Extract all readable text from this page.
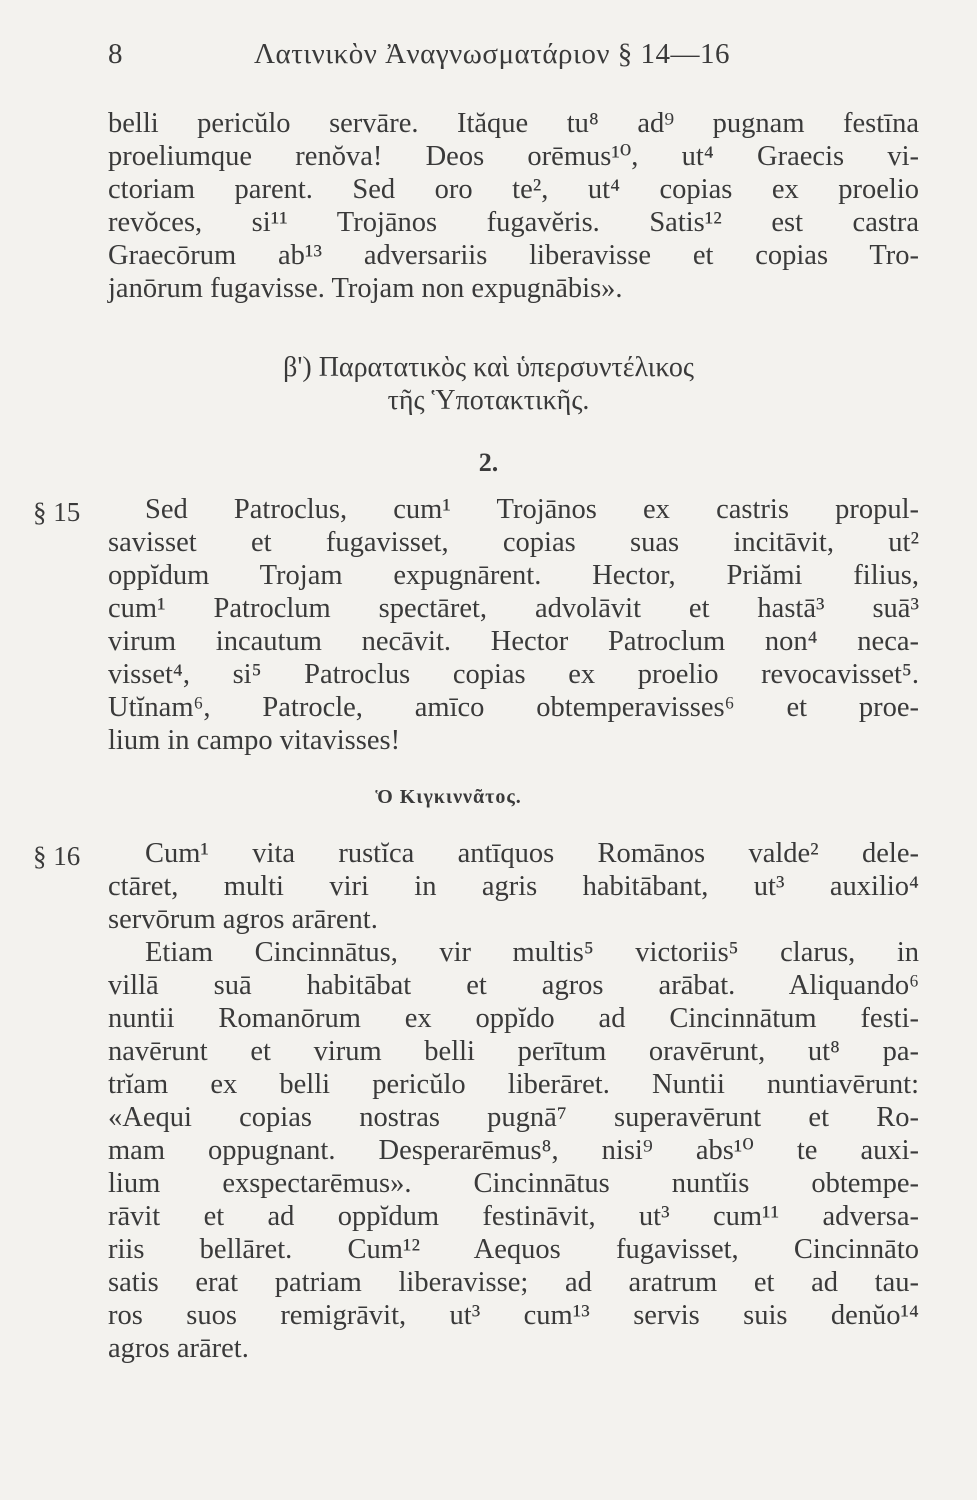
8	Λατινικὸν Ἀναγνωσματάριον § 14—16
belli pericŭlo servāre. Ităque tu⁸ ad⁹ pugnam festīna
proeliumque renŏva! Deos orēmus¹⁰, ut⁴ Graecis vi-
ctoriam parent. Sed oro te², ut⁴ copias ex proelio
revŏces, si¹¹ Trojānos fugavĕris. Satis¹² est castra
Graecōrum ab¹³ adversariis liberavisse et copias Tro-
janōrum fugavisse. Trojam non expugnābis».
β') Παρατατικὸς καὶ ὑπερσυντέλικος
τῆς Ὑποτακτικῆς.
2.
§ 15 Sed Patroclus, cum¹ Trojānos ex castris propul-
savisset et fugavisset, copias suas incitāvit, ut²
oppĭdum Trojam expugnārent. Hector, Priămi filius,
cum¹ Patroclum spectāret, advolāvit et hastā³ suā³
virum incautum necāvit. Hector Patroclum non⁴ neca-
visset⁴, si⁵ Patroclus copias ex proelio revocavisset⁵.
Utĭnam⁶, Patrocle, amīco obtemperavisses⁶ et proe-
lium in campo vitavisses!
Ὁ Κιγκιννᾶτος.
§ 16 Cum¹ vita rustĭca antīquos Romānos valde² dele-
ctāret, multi viri in agris habitābant, ut³ auxilio⁴
servōrum agros arārent.
Etiam Cincinnātus, vir multis⁵ victoriis⁵ clarus, in
villā suā habitābat et agros arābat. Aliquando⁶
nuntii Romanōrum ex oppĭdo ad Cincinnātum festi-
navērunt et virum belli perītum oravērunt, ut⁸ pa-
trĭam ex belli pericŭlo liberāret. Nuntii nuntiavērunt:
«Aequi copias nostras pugnā⁷ superavērunt et Ro-
mam oppugnant. Desperarēmus⁸, nisi⁹ abs¹⁰ te auxi-
lium exspectarēmus». Cincinnātus nuntĭis obtempe-
rāvit et ad oppĭdum festināvit, ut³ cum¹¹ adversa-
riis bellāret. Cum¹² Aequos fugavisset, Cincinnāto
satis erat patriam liberavisse; ad aratrum et ad tau-
ros suos remigrāvit, ut³ cum¹³ servis suis denŭo¹⁴
agros arāret.
